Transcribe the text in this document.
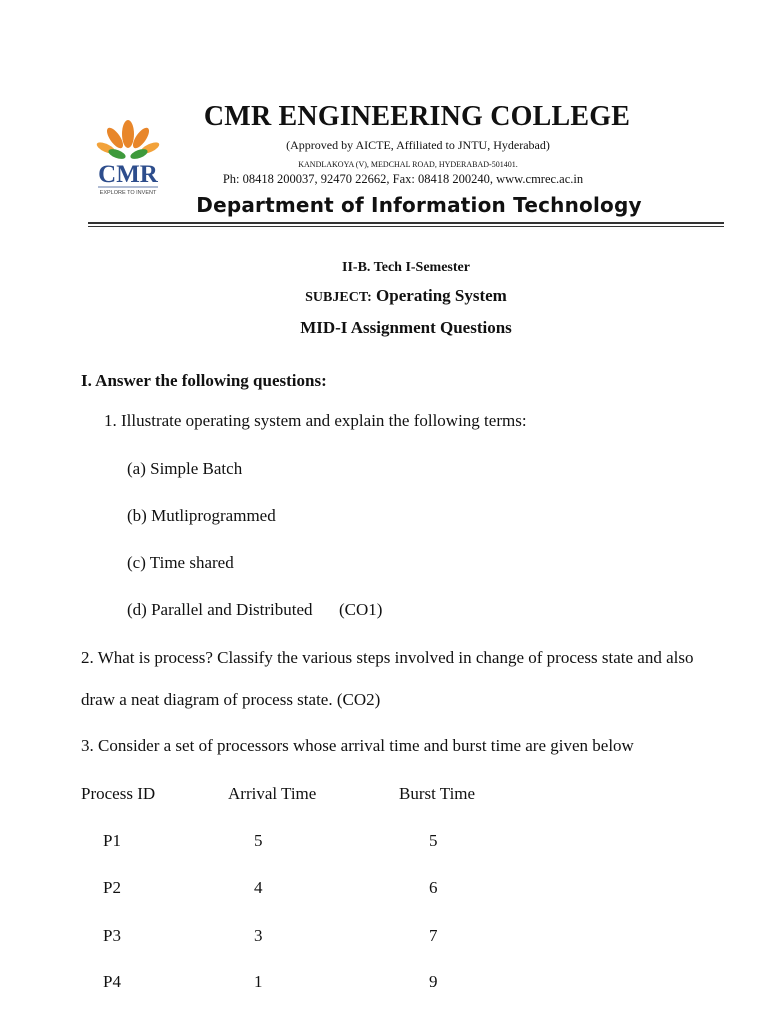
CMR
EXPLORE TO INVENT
CMR ENGINEERING COLLEGE
(Approved by AICTE, Affiliated to JNTU, Hyderabad)
KANDLAKOYA (V), MEDCHAL ROAD, HYDERABAD-501401.
Ph: 08418 200037, 92470 22662, Fax: 08418 200240, www.cmrec.ac.in
Department of Information Technology
II-B. Tech I-Semester
SUBJECT: Operating System
MID-I Assignment Questions
I. Answer the following questions:
1. Illustrate operating system and explain the following terms:
(a) Simple Batch
(b) Mutliprogrammed
(c) Time shared
(d) Parallel and Distributed (CO1)
2. What is process? Classify the various steps involved in change of process state and also
draw a neat diagram of process state. (CO2)
3. Consider a set of processors whose arrival time and burst time are given below
Process ID	Arrival Time	Burst Time
P1	5	5
P2	4	6
P3	3	7
P4	1	9
